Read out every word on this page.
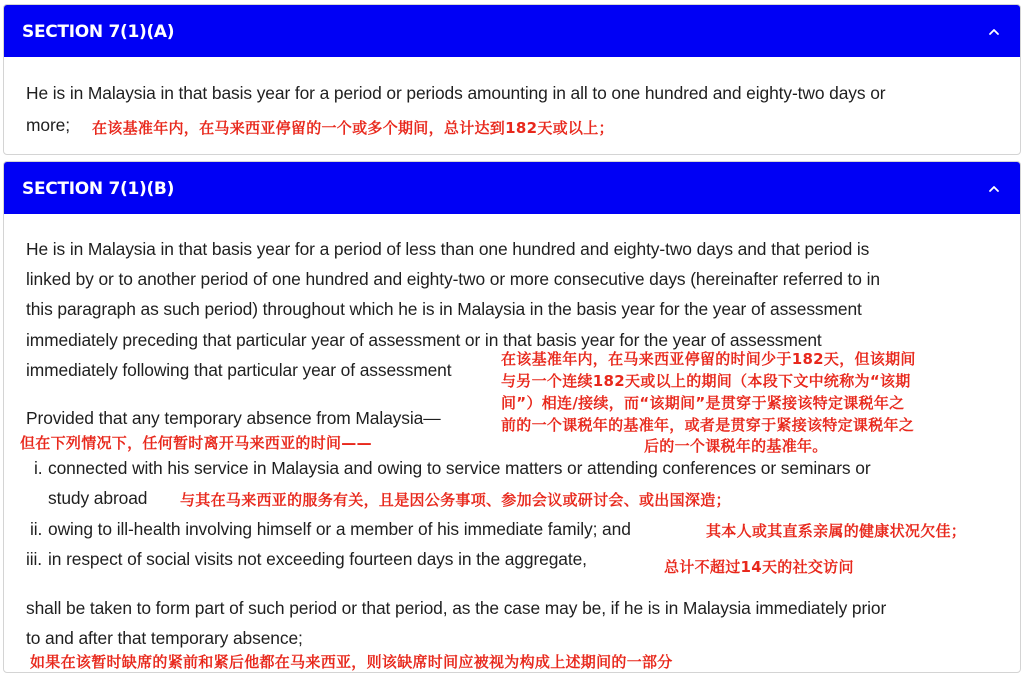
SECTION 7(1)(A)
He is in Malaysia in that basis year for a period or periods amounting in all to one hundred and eighty-two days or
more; 在该基准年内，在马来西亚停留的一个或多个期间，总计达到182天或以上；
SECTION 7(1)(B)
He is in Malaysia in that basis year for a period of less than one hundred and eighty-two days and that period is
linked by or to another period of one hundred and eighty-two or more consecutive days (hereinafter referred to in
this paragraph as such period) throughout which he is in Malaysia in the basis year for the year of assessment
immediately preceding that particular year of assessment or in that basis year for the year of assessment
immediately following that particular year of assessment
在该基准年内，在马来西亚停留的时间少于182天，但该期间
与另一个连续182天或以上的期间（本段下文中统称为“该期
间”）相连/接续，而“该期间”是贯穿于紧接该特定课税年之
前的一个课税年的基准年，或者是贯穿于紧接该特定课税年之
后的一个课税年的基准年。
Provided that any temporary absence from Malaysia—
但在下列情况下，任何暂时离开马来西亚的时间——
i. connected with his service in Malaysia and owing to service matters or attending conferences or seminars or
study abroad 与其在马来西亚的服务有关，且是因公务事项、参加会议或研讨会、或出国深造；
ii. owing to ill-health involving himself or a member of his immediate family; and	其本人或其直系亲属的健康状况欠佳；
iii. in respect of social visits not exceeding fourteen days in the aggregate,	总计不超过14天的社交访问
shall be taken to form part of such period or that period, as the case may be, if he is in Malaysia immediately prior
to and after that temporary absence;
如果在该暂时缺席的紧前和紧后他都在马来西亚，则该缺席时间应被视为构成上述期间的一部分
